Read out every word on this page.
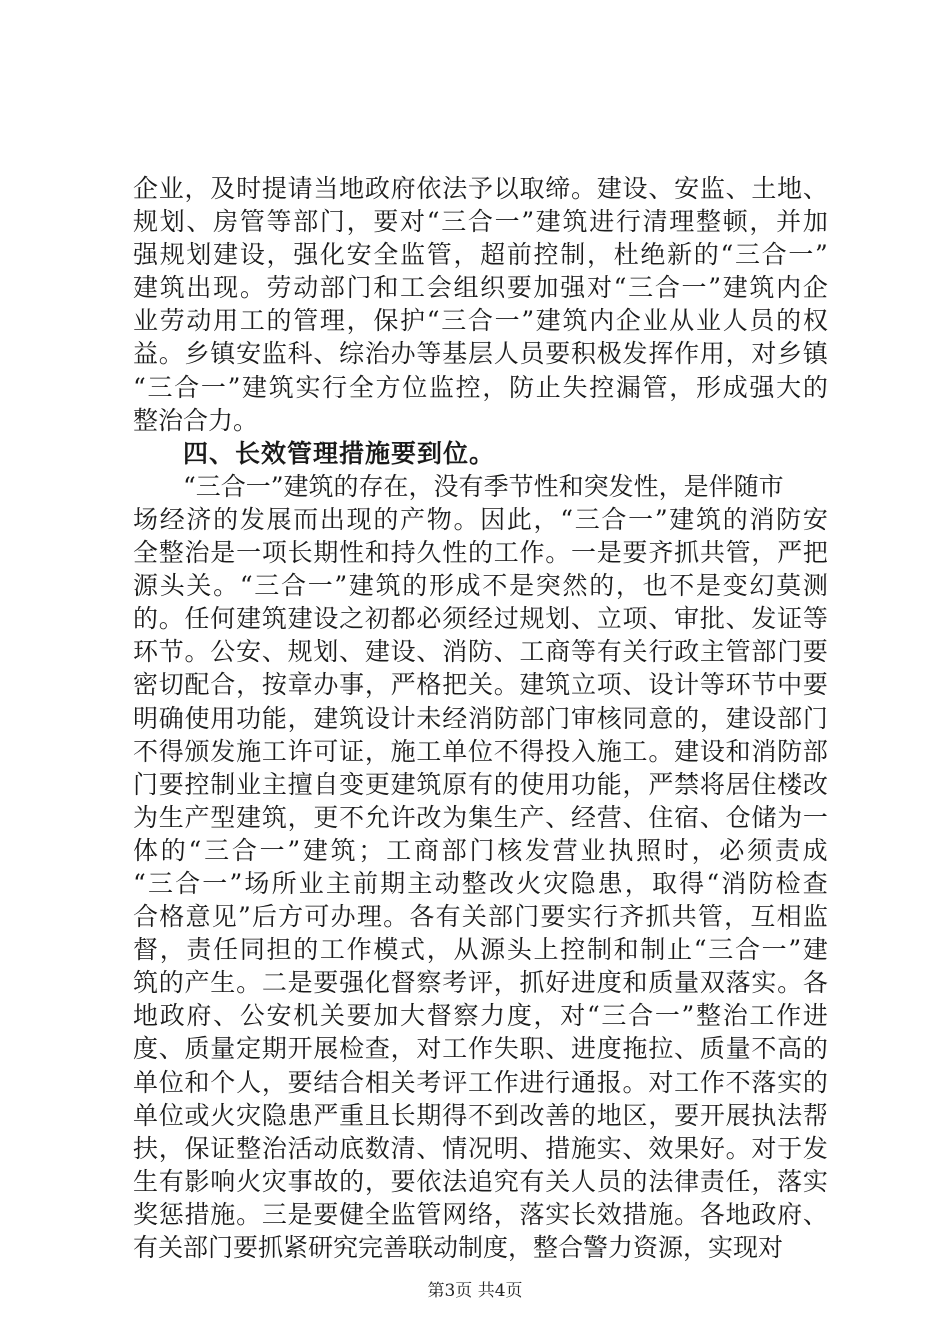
企 业 ， 及 时 提 请 当 地 政 府 依 法 予 以 取 缔 。 建 设 、 安 监 、 土 地 、
规 划 、 房 管 等 部 门 ， 要 对 “ 三 合 一 ” 建 筑 进 行 清 理 整 顿 ， 并 加
强 规 划 建 设 ， 强 化 安 全 监 管 ， 超 前 控 制 ， 杜 绝 新 的 “ 三 合 一 ”
建 筑 出 现 。 劳 动 部 门 和 工 会 组 织 要 加 强 对 “ 三 合 一 ” 建 筑 内 企
业 劳 动 用 工 的 管 理 ， 保 护 “ 三 合 一 ” 建 筑 内 企 业 从 业 人 员 的 权
益 。 乡 镇 安 监 科 、 综 治 办 等 基 层 人 员 要 积 极 发 挥 作 用 ， 对 乡 镇
“ 三 合 一 ” 建 筑 实 行 全 方 位 监 控 ， 防 止 失 控 漏 管 ， 形 成 强 大 的
整治合力。
四、长效管理措施要到位。
“三合一”建筑的存在，没有季节性和突发性，是伴随市
场 经 济 的 发 展 而 出 现 的 产 物 。 因 此 ， “ 三 合 一 ” 建 筑 的 消 防 安
全 整 治 是 一 项 长 期 性 和 持 久 性 的 工 作 。 一 是 要 齐 抓 共 管 ， 严 把
源 头 关 。 “ 三 合 一 ” 建 筑 的 形 成 不 是 突 然 的 ， 也 不 是 变 幻 莫 测
的 。 任 何 建 筑 建 设 之 初 都 必 须 经 过 规 划 、 立 项 、 审 批 、 发 证 等
环 节 。 公 安 、 规 划 、 建 设 、 消 防 、 工 商 等 有 关 行 政 主 管 部 门 要
密 切 配 合 ， 按 章 办 事 ， 严 格 把 关 。 建 筑 立 项 、 设 计 等 环 节 中 要
明 确 使 用 功 能 ， 建 筑 设 计 未 经 消 防 部 门 审 核 同 意 的 ， 建 设 部 门
不 得 颁 发 施 工 许 可 证 ， 施 工 单 位 不 得 投 入 施 工 。 建 设 和 消 防 部
门 要 控 制 业 主 擅 自 变 更 建 筑 原 有 的 使 用 功 能 ， 严 禁 将 居 住 楼 改
为 生 产 型 建 筑 ， 更 不 允 许 改 为 集 生 产 、 经 营 、 住 宿 、 仓 储 为 一
体 的 “ 三 合 一 ” 建 筑 ； 工 商 部 门 核 发 营 业 执 照 时 ， 必 须 责 成
“ 三 合 一 ” 场 所 业 主 前 期 主 动 整 改 火 灾 隐 患 ， 取 得 “ 消 防 检 查
合 格 意 见 ” 后 方 可 办 理 。 各 有 关 部 门 要 实 行 齐 抓 共 管 ， 互 相 监
督 ， 责 任 同 担 的 工 作 模 式 ， 从 源 头 上 控 制 和 制 止 “ 三 合 一 ” 建
筑 的 产 生 。 二 是 要 强 化 督 察 考 评 ， 抓 好 进 度 和 质 量 双 落 实 。 各
地 政 府 、 公 安 机 关 要 加 大 督 察 力 度 ， 对 “ 三 合 一 ” 整 治 工 作 进
度 、 质 量 定 期 开 展 检 查 ， 对 工 作 失 职 、 进 度 拖 拉 、 质 量 不 高 的
单 位 和 个 人 ， 要 结 合 相 关 考 评 工 作 进 行 通 报 。 对 工 作 不 落 实 的
单 位 或 火 灾 隐 患 严 重 且 长 期 得 不 到 改 善 的 地 区 ， 要 开 展 执 法 帮
扶 ， 保 证 整 治 活 动 底 数 清 、 情 况 明 、 措 施 实 、 效 果 好 。 对 于 发
生 有 影 响 火 灾 事 故 的 ， 要 依 法 追 究 有 关 人 员 的 法 律 责 任 ， 落 实
奖 惩 措 施 。 三 是 要 健 全 监 管 网 络 ， 落 实 长 效 措 施 。 各 地 政 府 、
有关部门要抓紧研究完善联动制度，整合警力资源，实现对
第3页 共4页
